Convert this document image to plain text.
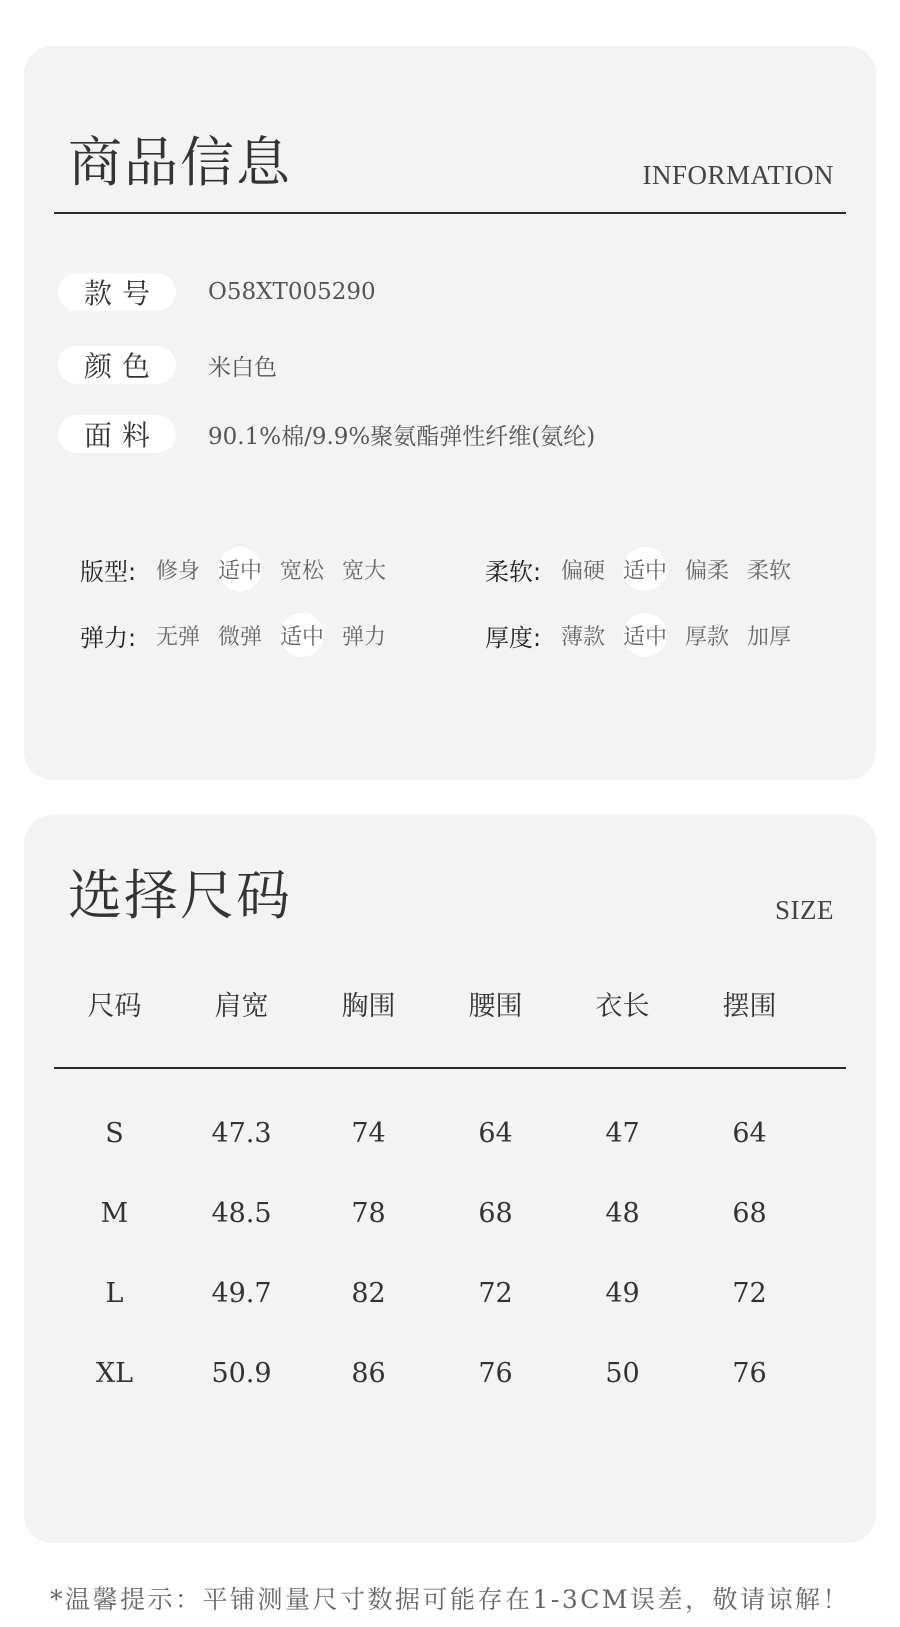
商品信息	INFORMATION
款号	O58XT005290
颜色	米白色
面料	90.1%棉/9.9%聚氨酯弹性纤维(氨纶)
版型: 修身 适中 宽松 宽大	柔软: 偏硬 适中 偏柔 柔软
弹力: 无弹 微弹 适中 弹力	厚度: 薄款 适中 厚款 加厚
选择尺码	SIZE
尺码	肩宽	胸围	腰围	衣长	摆围
S	47.3	74	64	47	64
M	48.5	78	68	48	68
L	49.7	82	72	49	72
XL	50.9	86	76	50	76
*温馨提示：平铺测量尺寸数据可能存在1-3CM误差，敬请谅解！
